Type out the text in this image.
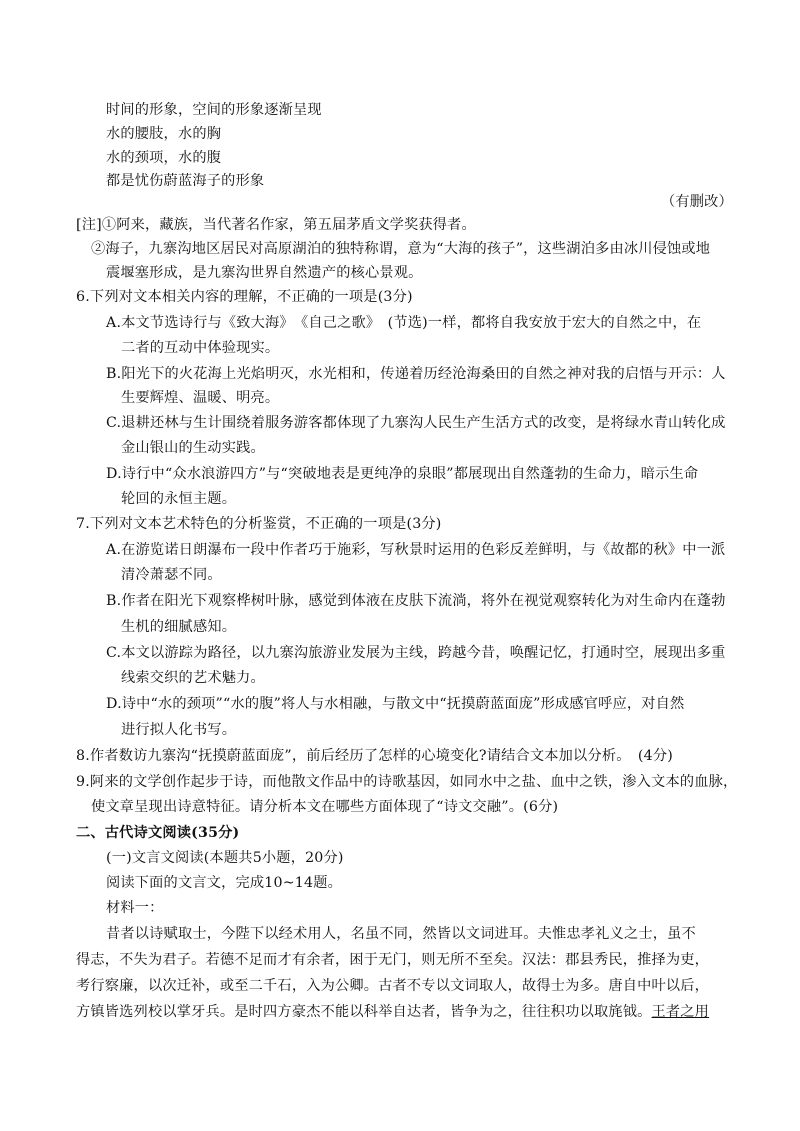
时间的形象，空间的形象逐渐呈现
水的腰肢，水的胸
水的颈项，水的腹
都是忧伤蔚蓝海子的形象
（有删改）
[注]①阿来，藏族，当代著名作家，第五届茅盾文学奖获得者。
②海子，九寨沟地区居民对高原湖泊的独特称谓，意为“大海的孩子”，这些湖泊多由冰川侵蚀或地
震堰塞形成，是九寨沟世界自然遗产的核心景观。
6.下列对文本相关内容的理解，不正确的一项是(3分)
A.本文节选诗行与《致大海》　《自己之歌》　(节选)一样，都将自我安放于宏大的自然之中，在
二者的互动中体验现实。
B.阳光下的火花海上光焰明灭，水光相和，传递着历经沧海桑田的自然之神对我的启悟与开示：人
生要辉煌、温暖、明亮。
C.退耕还林与生计围绕着服务游客都体现了九寨沟人民生产生活方式的改变，是将绿水青山转化成
金山银山的生动实践。
D.诗行中“众水浪游四方”与“突破地表是更纯净的泉眼”都展现出自然蓬勃的生命力，暗示生命
轮回的永恒主题。
7.下列对文本艺术特色的分析鉴赏，不正确的一项是(3分)
A.在游览诺日朗瀑布一段中作者巧于施彩，写秋景时运用的色彩反差鲜明，与《故都的秋》中一派
清冷萧瑟不同。
B.作者在阳光下观察桦树叶脉，感觉到体液在皮肤下流淌，将外在视觉观察转化为对生命内在蓬勃
生机的细腻感知。
C.本文以游踪为路径，以九寨沟旅游业发展为主线，跨越今昔，唤醒记忆，打通时空，展现出多重
线索交织的艺术魅力。
D.诗中“水的颈项”“水的腹”将人与水相融，与散文中“抚摸蔚蓝面庞”形成感官呼应，对自然
进行拟人化书写。
8.作者数访九寨沟“抚摸蔚蓝面庞”，前后经历了怎样的心境变化?请结合文本加以分析。　(4分)
9.阿来的文学创作起步于诗，而他散文作品中的诗歌基因，如同水中之盐、血中之铁，渗入文本的血脉，
使文章呈现出诗意特征。请分析本文在哪些方面体现了“诗文交融”。(6分)
二、古代诗文阅读(35分)
(一)文言文阅读(本题共5小题，20分)
阅读下面的文言文，完成10~14题。
材料一：
昔者以诗赋取士，今陛下以经术用人，名虽不同，然皆以文词进耳。夫惟忠孝礼义之士，虽不
得志，不失为君子。若德不足而才有余者，困于无门，则无所不至矣。汉法：郡县秀民，推择为吏，
考行察廉，以次迁补，或至二千石，入为公卿。古者不专以文词取人，故得士为多。唐自中叶以后，
方镇皆选列校以掌牙兵。是时四方豪杰不能以科举自达者，皆争为之，往往积功以取旄钺。王者之用
